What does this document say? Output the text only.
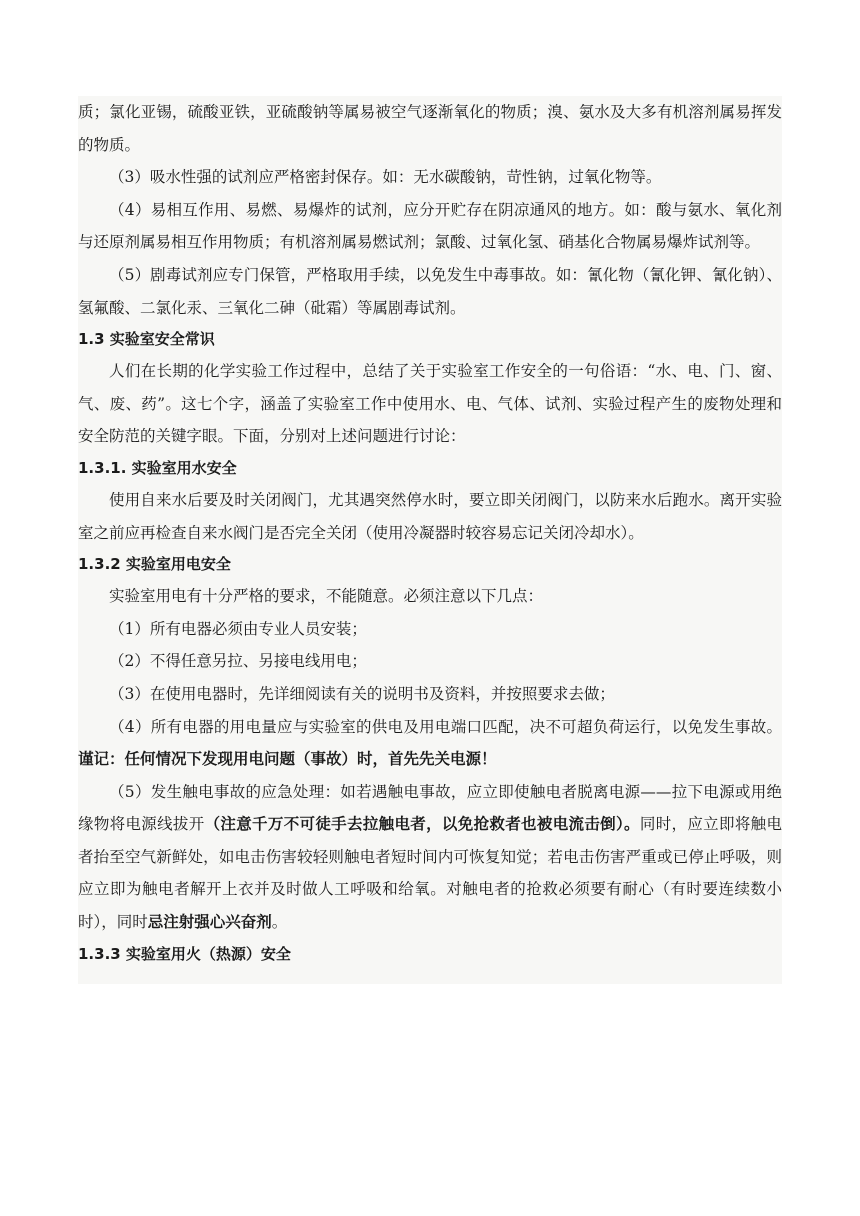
质；氯化亚锡，硫酸亚铁，亚硫酸钠等属易被空气逐渐氧化的物质；溴、氨水及大多有机溶剂属易挥发的物质。

（3）吸水性强的试剂应严格密封保存。如：无水碳酸钠，苛性钠，过氧化物等。

（4）易相互作用、易燃、易爆炸的试剂，应分开贮存在阴凉通风的地方。如：酸与氨水、氧化剂与还原剂属易相互作用物质；有机溶剂属易燃试剂；氯酸、过氧化氢、硝基化合物属易爆炸试剂等。

（5）剧毒试剂应专门保管，严格取用手续，以免发生中毒事故。如：氰化物（氰化钾、氰化钠）、氢氟酸、二氯化汞、三氧化二砷（砒霜）等属剧毒试剂。

1.3 实验室安全常识

人们在长期的化学实验工作过程中，总结了关于实验室工作安全的一句俗语：“水、电、门、窗、气、废、药”。这七个字，涵盖了实验室工作中使用水、电、气体、试剂、实验过程产生的废物处理和安全防范的关键字眼。下面，分别对上述问题进行讨论：

1.3.1. 实验室用水安全

使用自来水后要及时关闭阀门，尤其遇突然停水时，要立即关闭阀门，以防来水后跑水。离开实验室之前应再检查自来水阀门是否完全关闭（使用冷凝器时较容易忘记关闭冷却水）。

1.3.2 实验室用电安全

实验室用电有十分严格的要求，不能随意。必须注意以下几点：

（1）所有电器必须由专业人员安装；

（2）不得任意另拉、另接电线用电；

（3）在使用电器时，先详细阅读有关的说明书及资料，并按照要求去做；

（4）所有电器的用电量应与实验室的供电及用电端口匹配，决不可超负荷运行，以免发生事故。谨记：任何情况下发现用电问题（事故）时，首先先关电源！

（5）发生触电事故的应急处理：如若遇触电事故，应立即使触电者脱离电源——拉下电源或用绝缘物将电源线拔开（注意千万不可徒手去拉触电者，以免抢救者也被电流击倒）。同时，应立即将触电者抬至空气新鲜处，如电击伤害较轻则触电者短时间内可恢复知觉；若电击伤害严重或已停止呼吸，则应立即为触电者解开上衣并及时做人工呼吸和给氧。对触电者的抢救必须要有耐心（有时要连续数小时），同时忌注射强心兴奋剂。

1.3.3 实验室用火（热源）安全
